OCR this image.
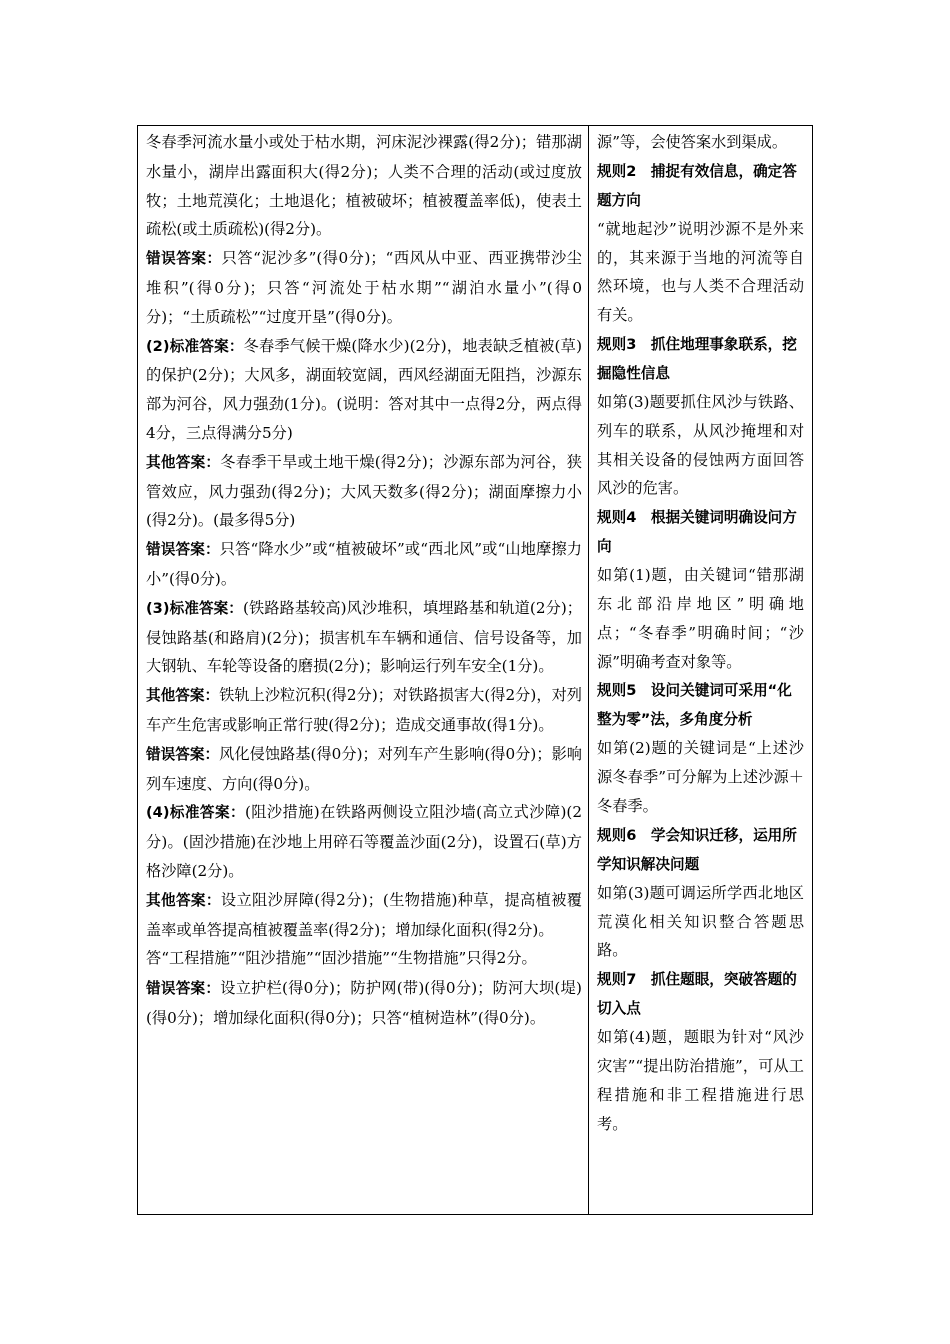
冬春季河流水量小或处于枯水期，河床泥沙裸露(得2分)；错那湖水量小，湖岸出露面积大(得2分)；人类不合理的活动(或过度放牧；土地荒漠化；土地退化；植被破坏；植被覆盖率低)，使表土疏松(或土质疏松)(得2分)。

错误答案：只答“泥沙多”(得0分)；“西风从中亚、西亚携带沙尘堆积”(得0分)；只答“河流处于枯水期”“湖泊水量小”(得0分)；“土质疏松”“过度开垦”(得0分)。

(2)标准答案：冬春季气候干燥(降水少)(2分)，地表缺乏植被(草)的保护(2分)；大风多，湖面较宽阔，西风经湖面无阻挡，沙源东部为河谷，风力强劲(1分)。(说明：答对其中一点得2分，两点得4分，三点得满分5分)

其他答案：冬春季干旱或土地干燥(得2分)；沙源东部为河谷，狭管效应，风力强劲(得2分)；大风天数多(得2分)；湖面摩擦力小(得2分)。(最多得5分)

错误答案：只答“降水少”或“植被破坏”或“西北风”或“山地摩擦力小”(得0分)。

(3)标准答案：(铁路路基较高)风沙堆积，填埋路基和轨道(2分)；侵蚀路基(和路肩)(2分)；损害机车车辆和通信、信号设备等，加大钢轨、车轮等设备的磨损(2分)；影响运行列车安全(1分)。

其他答案：铁轨上沙粒沉积(得2分)；对铁路损害大(得2分)，对列车产生危害或影响正常行驶(得2分)；造成交通事故(得1分)。

错误答案：风化侵蚀路基(得0分)；对列车产生影响(得0分)；影响列车速度、方向(得0分)。

(4)标准答案：(阻沙措施)在铁路两侧设立阻沙墙(高立式沙障)(2分)。(固沙措施)在沙地上用碎石等覆盖沙面(2分)，设置石(草)方格沙障(2分)。

其他答案：设立阻沙屏障(得2分)；(生物措施)种草，提高植被覆盖率或单答提高植被覆盖率(得2分)；增加绿化面积(得2分)。

答“工程措施”“阻沙措施”“固沙措施”“生物措施”只得2分。

错误答案：设立护栏(得0分)；防护网(带)(得0分)；防河大坝(堤)(得0分)；增加绿化面积(得0分)；只答“植树造林”(得0分)。

源”等，会使答案水到渠成。

规则2　捕捉有效信息，确定答题方向

“就地起沙”说明沙源不是外来的，其来源于当地的河流等自然环境，也与人类不合理活动有关。

规则3　抓住地理事象联系，挖掘隐性信息

如第(3)题要抓住风沙与铁路、列车的联系，从风沙掩埋和对其相关设备的侵蚀两方面回答风沙的危害。

规则4　根据关键词明确设问方向

如第(1)题，由关键词“错那湖东北部沿岸地区”明确地点；“冬春季”明确时间；“沙源”明确考查对象等。

规则5　设问关键词可采用“化整为零”法，多角度分析

如第(2)题的关键词是“上述沙源冬春季”可分解为上述沙源＋冬春季。

规则6　学会知识迁移，运用所学知识解决问题

如第(3)题可调运所学西北地区荒漠化相关知识整合答题思路。

规则7　抓住题眼，突破答题的切入点

如第(4)题，题眼为针对“风沙灾害”“提出防治措施”，可从工程措施和非工程措施进行思考。
